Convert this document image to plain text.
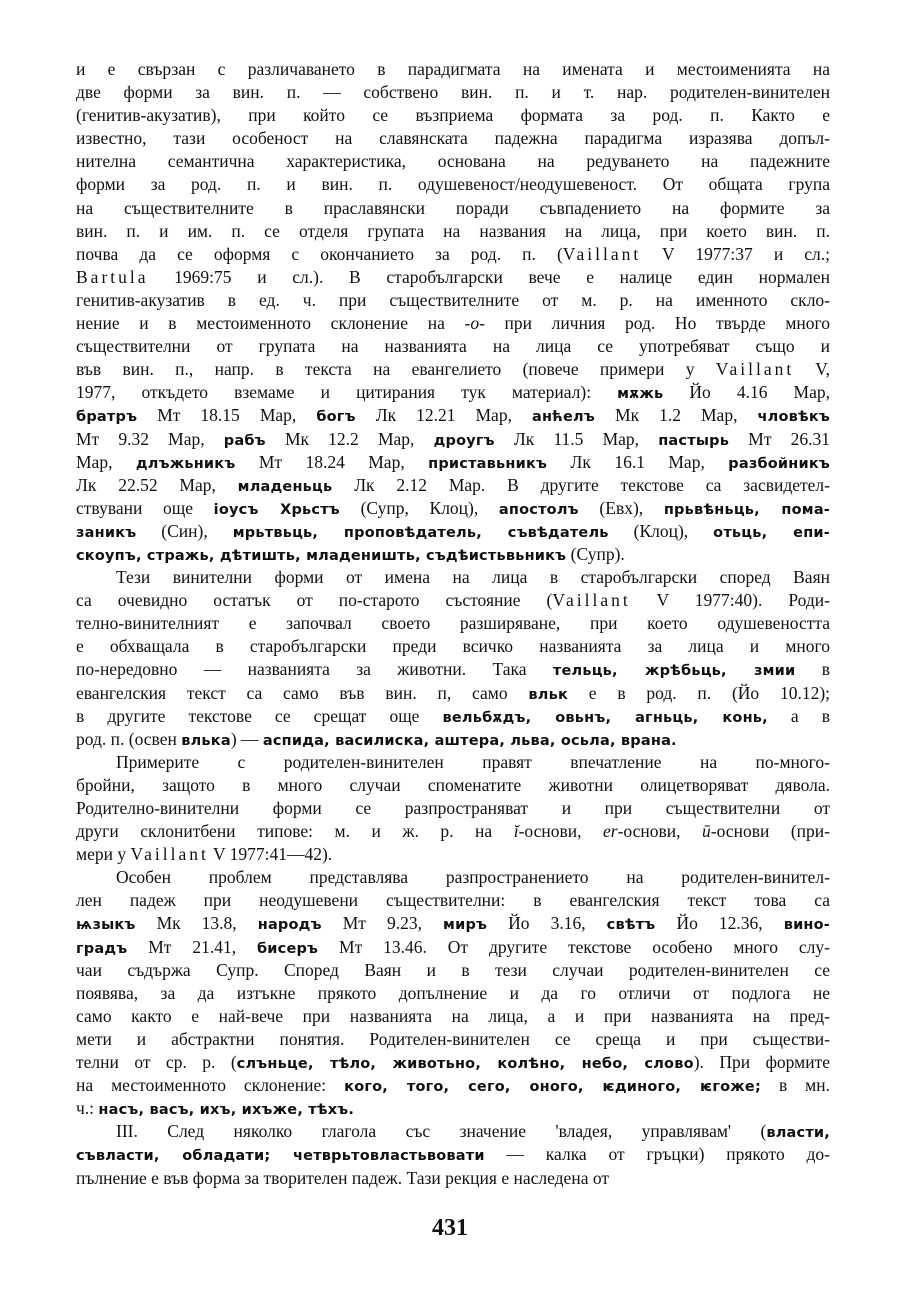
и е свързан с различаването в парадигмата на имената и местоименията на
две форми за вин. п. — собствено вин. п. и т. нар. родителен-винителен
(генитив-акузатив), при който се възприема формата за род. п. Както е
известно, тази особеност на славянската падежна парадигма изразява допъл-
нителна семантична характеристика, основана на редуването на падежните
форми за род. п. и вин. п. одушевеност/неодушевеност. От общата група
на съществителните в праславянски поради съвпадението на формите за
вин. п. и им. п. се отделя групата на названия на лица, при което вин. п.
почва да се оформя с окончанието за род. п. (Vaillant V 1977:37 и сл.;
Bartula 1969:75 и сл.). В старобългарски вече е налице един нормален
генитив-акузатив в ед. ч. при съществителните от м. р. на именното скло-
нение и в местоименното склонение на -о- при личния род. Но твърде много
съществителни от групата на названията на лица се употребяват също и
във вин. п., напр. в текста на евангелието (повече примери у Vaillant V,
1977, откъдето вземаме и цитирания тук материал): мѫжь Йо 4.16 Мар,
братръ Мт 18.15 Мар, богъ Лк 12.21 Мар, анћелъ Мк 1.2 Мар, чловѣкъ
Мт 9.32 Мар, рабъ Мк 12.2 Мар, дроугъ Лк 11.5 Мар, пастырь Мт 26.31
Мар, длъжьникъ Мт 18.24 Мар, приставьникъ Лк 16.1 Мар, разбойникъ
Лк 22.52 Мар, младеньць Лк 2.12 Мар. В другите текстове са засвидетел-
ствувани още іоусъ Хрьстъ (Супр, Клоц), апостолъ (Евх), прьвѣньць, пома-
заникъ (Син), мрьтвьць, проповѣдатель, съвѣдатель (Клоц), отьць, епи-
скоупъ, стражь, дѣтишть, младеништь, съдѣистьвьникъ (Супр).
Тези винителни форми от имена на лица в старобългарски според Ваян
са очевидно остатък от по-старото състояние (Vaillant V 1977:40). Роди-
телно-винителният е започвал своето разширяване, при което одушевеността
е обхващала в старобългарски преди всичко названията за лица и много
по-нередовно — названията за животни. Така тельць, жрѣбьць, змии в
евангелския текст са само във вин. п, само вльк е в род. п. (Йо 10.12);
в другите текстове се срещат още вельбѫдъ, овьнъ, агньць, конь, а в
род. п. (освен влька) — аспида, василиска, аштера, льва, осьла, врана.
Примерите с родителен-винителен правят впечатление на по-много-
бройни, защото в много случаи споменатите животни олицетворяват дявола.
Родително-винителни форми се разпространяват и при съществителни от
други склонитбени типове: м. и ж. р. на ĭ-основи, er-основи, ū-основи (при-
мери у Vaillant V 1977:41—42).
Особен проблем представлява разпространението на родителен-винител-
лен падеж при неодушевени съществителни: в евангелския текст това са
ѩзыкъ Мк 13.8, народъ Мт 9.23, миръ Йо 3.16, свѣтъ Йо 12.36, вино-
градъ Мт 21.41, бисеръ Мт 13.46. От другите текстове особено много слу-
чаи съдържа Супр. Според Ваян и в тези случаи родителен-винителен се
появява, за да изтъкне прякото допълнение и да го отличи от подлога не
само както е най-вече при названията на лица, а и при названията на пред-
мети и абстрактни понятия. Родителен-винителен се среща и при съществи-
телни от ср. р. (слъньце, тѣло, животьно, колѣно, небо, слово). При формите
на местоименното склонение: кого, того, сего, оного, ѥдиного, ѥгоже; в мн.
ч.: насъ, васъ, ихъ, ихъже, тѣхъ.
III. След няколко глагола със значение 'владея, управлявам' (власти,
съвласти, обладати; четврьтовластьвовати — калка от гръцки) прякото до-
пълнение е във форма за творителен падеж. Тази рекция е наследена от
431
